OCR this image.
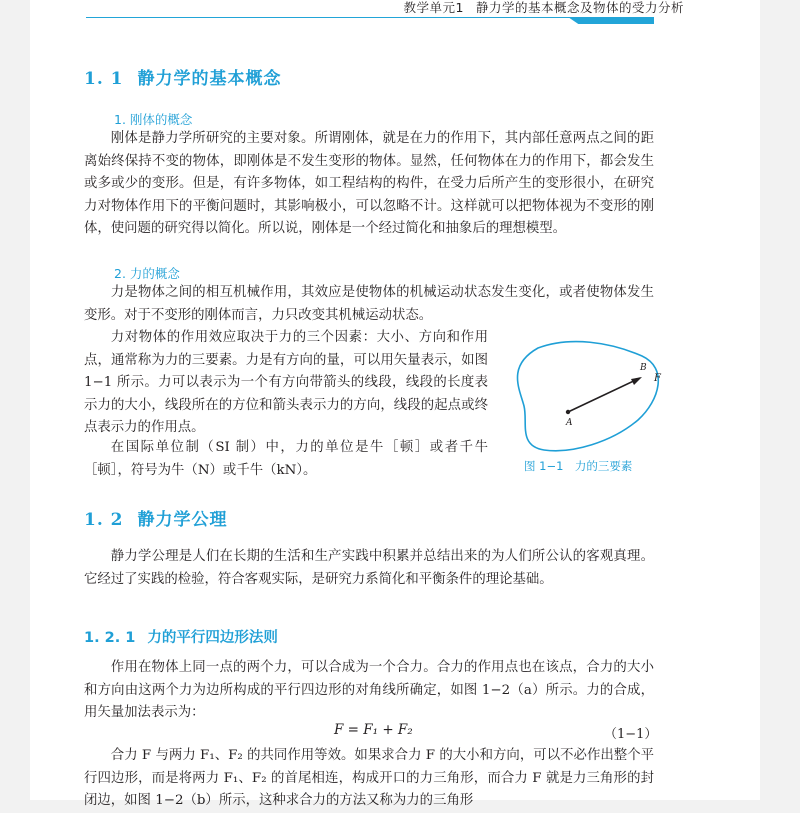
教学单元1 静力学的基本概念及物体的受力分析
1. 1 静力学的基本概念
1. 刚体的概念
刚体是静力学所研究的主要对象。所谓刚体，就是在力的作用下，其内部任意两点之间的距离始终保持不变的物体，即刚体是不发生变形的物体。显然，任何物体在力的作用下，都会发生或多或少的变形。但是，有许多物体，如工程结构的构件，在受力后所产生的变形很小，在研究力对物体作用下的平衡问题时，其影响极小，可以忽略不计。这样就可以把物体视为不变形的刚体，使问题的研究得以简化。所以说，刚体是一个经过简化和抽象后的理想模型。
2. 力的概念
力是物体之间的相互机械作用，其效应是使物体的机械运动状态发生变化，或者使物体发生变形。对于不变形的刚体而言，力只改变其机械运动状态。
力对物体的作用效应取决于力的三个因素：大小、方向和作用点，通常称为力的三要素。力是有方向的量，可以用矢量表示，如图 1−1 所示。力可以表示为一个有方向带箭头的线段，线段的长度表示力的大小，线段所在的方位和箭头表示力的方向，线段的起点或终点表示力的作用点。
在国际单位制（SI 制）中，力的单位是牛［顿］或者千牛［顿］，符号为牛（N）或千牛（kN）。
A
B
F
图 1−1　力的三要素
1. 2 静力学公理
静力学公理是人们在长期的生活和生产实践中积累并总结出来的为人们所公认的客观真理。它经过了实践的检验，符合客观实际，是研究力系简化和平衡条件的理论基础。
1. 2. 1 力的平行四边形法则
作用在物体上同一点的两个力，可以合成为一个合力。合力的作用点也在该点，合力的大小和方向由这两个力为边所构成的平行四边形的对角线所确定，如图 1−2（a）所示。力的合成，用矢量加法表示为：
F = F₁ + F₂	（1−1）
合力 F 与两力 F₁、F₂ 的共同作用等效。如果求合力 F 的大小和方向，可以不必作出整个平行四边形，而是将两力 F₁、F₂ 的首尾相连，构成开口的力三角形，而合力 F 就是力三角形的封闭边，如图 1−2（b）所示，这种求合力的方法又称为力的三角形
